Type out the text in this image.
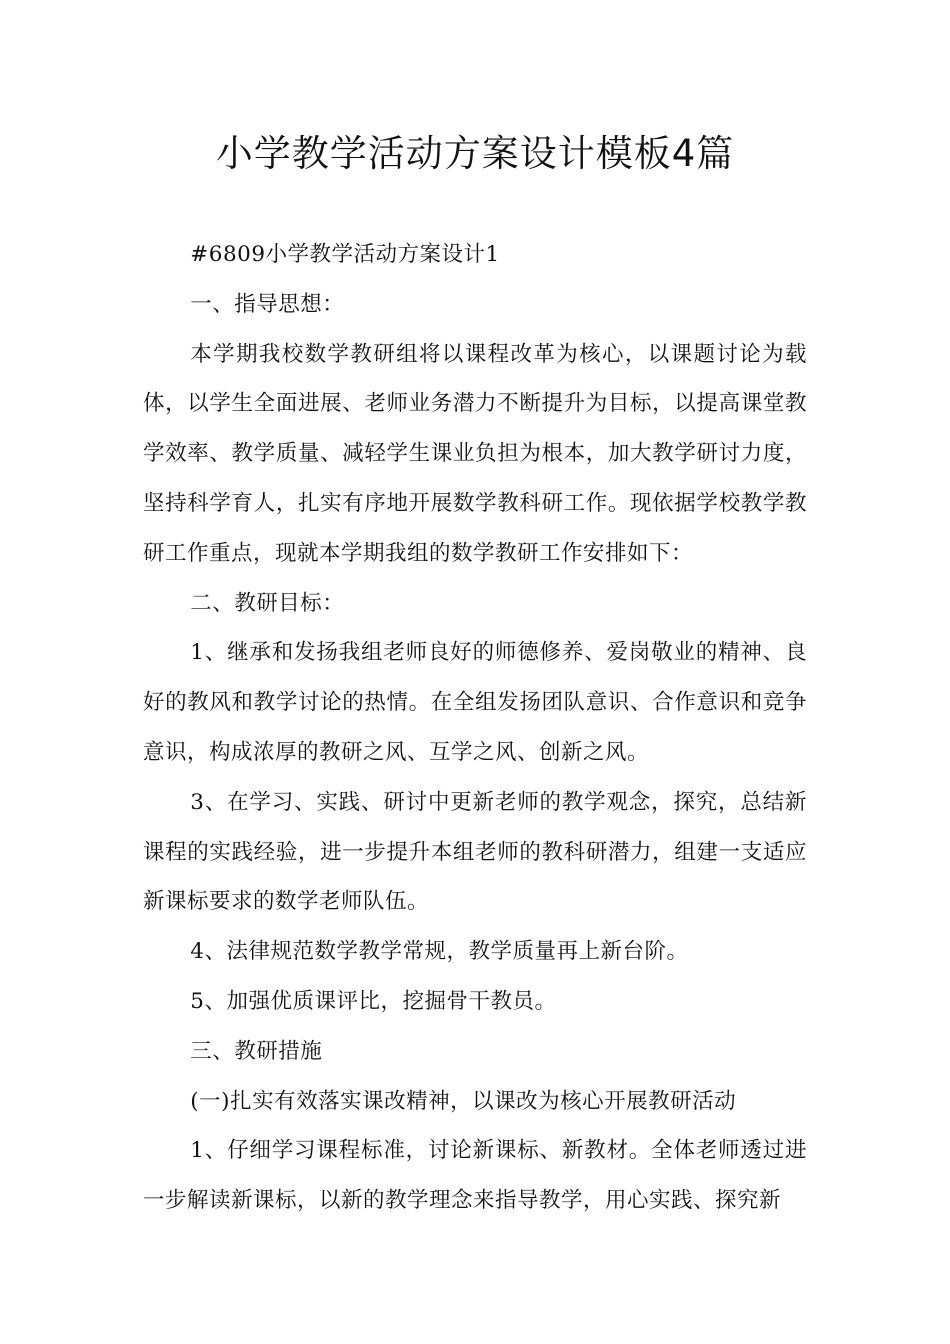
小学教学活动方案设计模板4篇

#6809小学教学活动方案设计1

一、指导思想：

本学期我校数学教研组将以课程改革为核心，以课题讨论为载体，以学生全面进展、老师业务潜力不断提升为目标，以提高课堂教学效率、教学质量、减轻学生课业负担为根本，加大教学研讨力度，坚持科学育人，扎实有序地开展数学教科研工作。现依据学校教学教研工作重点，现就本学期我组的数学教研工作安排如下：

二、教研目标：

1、继承和发扬我组老师良好的师德修养、爱岗敬业的精神、良好的教风和教学讨论的热情。在全组发扬团队意识、合作意识和竞争意识，构成浓厚的教研之风、互学之风、创新之风。

3、在学习、实践、研讨中更新老师的教学观念，探究，总结新课程的实践经验，进一步提升本组老师的教科研潜力，组建一支适应新课标要求的数学老师队伍。

4、法律规范数学教学常规，教学质量再上新台阶。

5、加强优质课评比，挖掘骨干教员。

三、教研措施

(一)扎实有效落实课改精神，以课改为核心开展教研活动

1、仔细学习课程标准，讨论新课标、新教材。全体老师透过进一步解读新课标，以新的教学理念来指导教学，用心实践、探究新
